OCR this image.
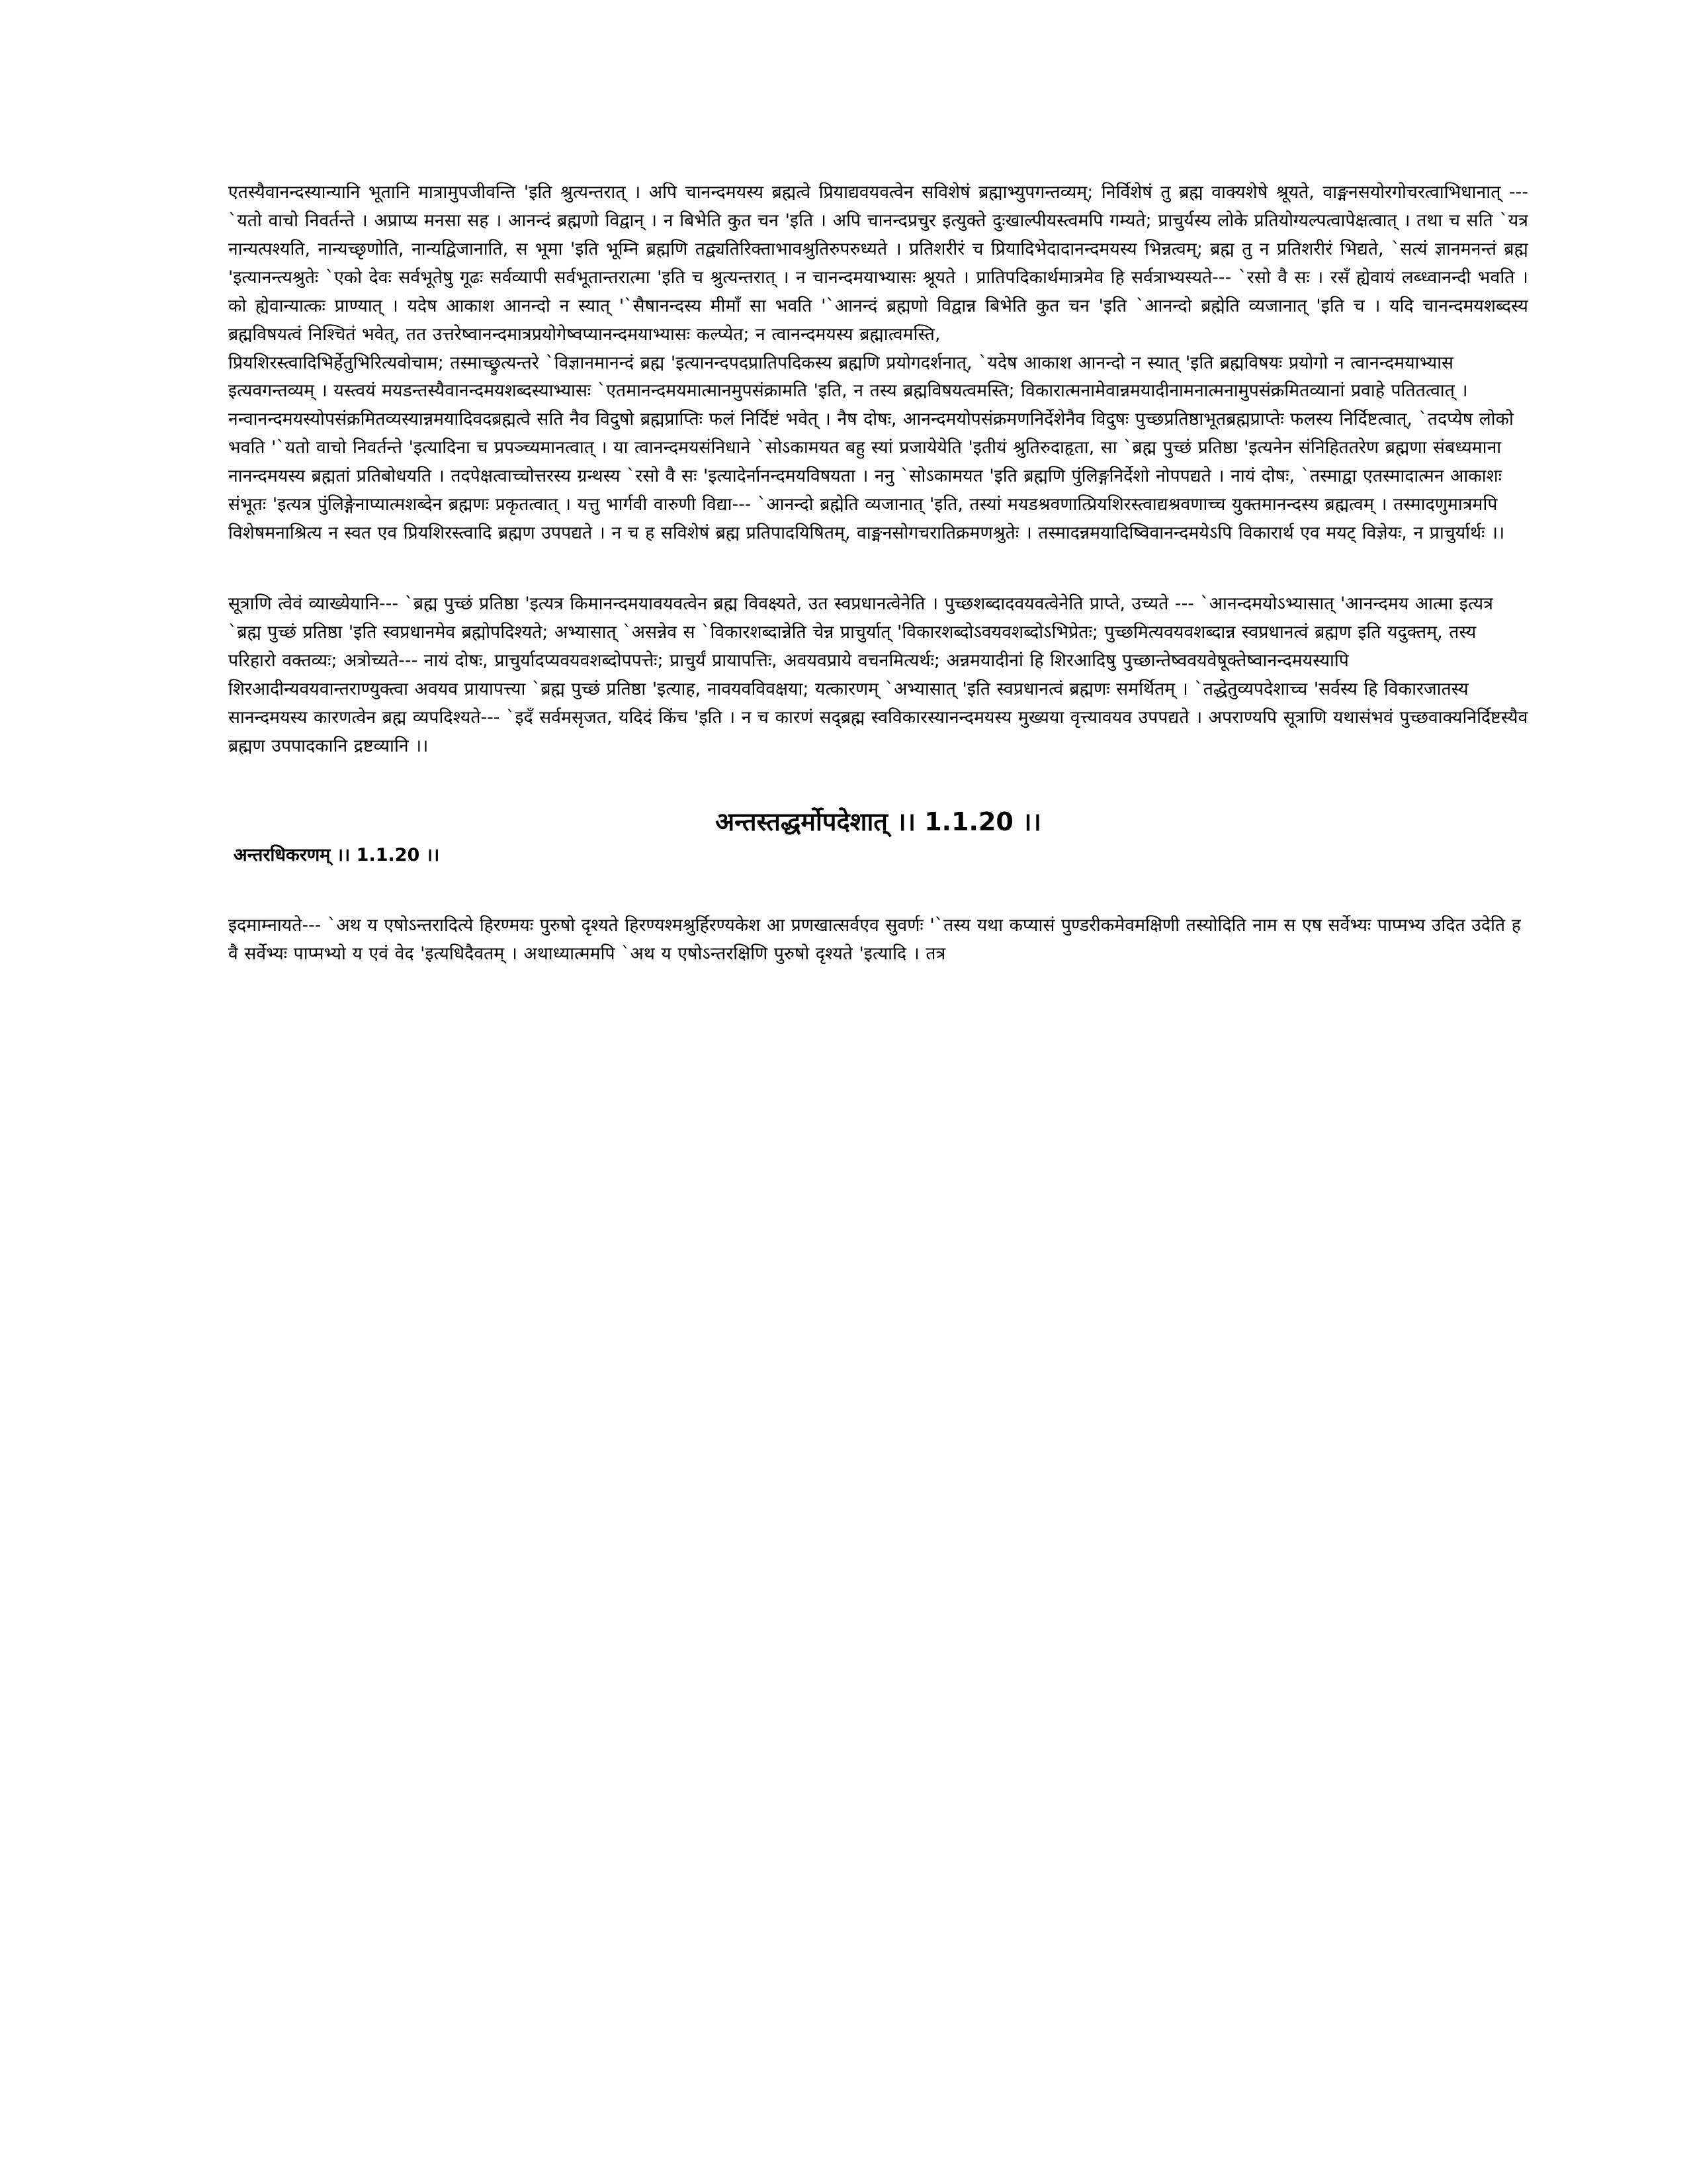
एतस्यैवानन्दस्यान्यानि भूतानि मात्रामुपजीवन्ति 'इति श्रुत्यन्तरात् । अपि चानन्दमयस्य ब्रह्मत्वे प्रियाद्यवयवत्वेन सविशेषं ब्रह्माभ्युपगन्तव्यम्; निर्विशेषं तु ब्रह्म वाक्यशेषे श्रूयते, वाङ्मनसयोरगोचरत्वाभिधानात् --- `यतो वाचो निवर्तन्ते । अप्राप्य मनसा सह । आनन्दं ब्रह्मणो विद्वान् । न बिभेति कुत चन 'इति । अपि चानन्दप्रचुर इत्युक्ते दुःखाल्पीयस्त्वमपि गम्यते; प्राचुर्यस्य लोके प्रतियोग्यल्पत्वापेक्षत्वात् । तथा च सति `यत्र नान्यत्पश्यति, नान्यच्छृणोति, नान्यद्विजानाति, स भूमा 'इति भूम्नि ब्रह्मणि तद्व्यतिरिक्ताभावश्रुतिरुपरुध्यते । प्रतिशरीरं च प्रियादिभेदादानन्दमयस्य भिन्नत्वम्; ब्रह्म तु न प्रतिशरीरं भिद्यते, `सत्यं ज्ञानमनन्तं ब्रह्म 'इत्यानन्त्यश्रुतेः `एको देवः सर्वभूतेषु गूढः सर्वव्यापी सर्वभूतान्तरात्मा 'इति च श्रुत्यन्तरात् । न चानन्दमयाभ्यासः श्रूयते । प्रातिपदिकार्थमात्रमेव हि सर्वत्राभ्यस्यते--- `रसो वै सः । रसँ ह्येवायं लब्ध्वानन्दी भवति । को ह्येवान्यात्कः प्राण्यात् । यदेष आकाश आनन्दो न स्यात् '`सैषानन्दस्य मीमाँ सा भवति '`आनन्दं ब्रह्मणो विद्वान्न बिभेति कुत चन 'इति `आनन्दो ब्रह्मेति व्यजानात् 'इति च । यदि चानन्दमयशब्दस्य ब्रह्मविषयत्वं निश्चितं भवेत्, तत उत्तरेष्वानन्दमात्रप्रयोगेष्वप्यानन्दमयाभ्यासः कल्प्येत; न त्वानन्दमयस्य ब्रह्मात्वमस्ति,
प्रियशिरस्त्वादिभिर्हेतुभिरित्यवोचाम; तस्माच्छ्रुत्यन्तरे `विज्ञानमानन्दं ब्रह्म 'इत्यानन्दपदप्रातिपदिकस्य ब्रह्मणि प्रयोगदर्शनात्, `यदेष आकाश आनन्दो न स्यात् 'इति ब्रह्मविषयः प्रयोगो न त्वानन्दमयाभ्यास इत्यवगन्तव्यम् । यस्त्वयं मयडन्तस्यैवानन्दमयशब्दस्याभ्यासः `एतमानन्दमयमात्मानमुपसंक्रामति 'इति, न तस्य ब्रह्मविषयत्वमस्ति; विकारात्मनामेवान्नमयादीनामनात्मनामुपसंक्रमितव्यानां प्रवाहे पतितत्वात् ।
नन्वानन्दमयस्योपसंक्रमितव्यस्यान्नमयादिवदब्रह्मत्वे सति नैव विदुषो ब्रह्मप्राप्तिः फलं निर्दिष्टं भवेत् । नैष दोषः, आनन्दमयोपसंक्रमणनिर्देशेनैव विदुषः पुच्छप्रतिष्ठाभूतब्रह्मप्राप्तेः फलस्य निर्दिष्टत्वात्, `तदप्येष लोको भवति '`यतो वाचो निवर्तन्ते 'इत्यादिना च प्रपञ्च्यमानत्वात् । या त्वानन्दमयसंनिधाने `सोऽकामयत बहु स्यां प्रजायेयेति 'इतीयं श्रुतिरुदाहृता, सा `ब्रह्म पुच्छं प्रतिष्ठा 'इत्यनेन संनिहिततरेण ब्रह्मणा संबध्यमाना नानन्दमयस्य ब्रह्मतां प्रतिबोधयति । तदपेक्षत्वाच्चोत्तरस्य ग्रन्थस्य `रसो वै सः 'इत्यादेर्नानन्दमयविषयता । ननु `सोऽकामयत 'इति ब्रह्मणि पुंलिङ्गनिर्देशो नोपपद्यते । नायं दोषः, `तस्माद्वा एतस्मादात्मन आकाशः संभूतः 'इत्यत्र पुंलिङ्गेनाप्यात्मशब्देन ब्रह्मणः प्रकृतत्वात् । यत्तु भार्गवी वारुणी विद्या--- `आनन्दो ब्रह्मेति व्यजानात् 'इति, तस्यां मयडश्रवणात्प्रियशिरस्त्वाद्यश्रवणाच्च युक्तमानन्दस्य ब्रह्मत्वम् । तस्मादणुमात्रमपि विशेषमनाश्रित्य न स्वत एव प्रियशिरस्त्वादि ब्रह्मण उपपद्यते । न च ह सविशेषं ब्रह्म प्रतिपादयिषितम्, वाङ्मनसोगचरातिक्रमणश्रुतेः । तस्मादन्नमयादिष्विवानन्दमयेऽपि विकारार्थ एव मयट् विज्ञेयः, न प्राचुर्यार्थः ।।
सूत्राणि त्वेवं व्याख्येयानि--- `ब्रह्म पुच्छं प्रतिष्ठा 'इत्यत्र किमानन्दमयावयवत्वेन ब्रह्म विवक्ष्यते, उत स्वप्रधानत्वेनेति । पुच्छशब्दादवयवत्वेनेति प्राप्ते, उच्यते --- `आनन्दमयोऽभ्यासात् 'आनन्दमय आत्मा इत्यत्र `ब्रह्म पुच्छं प्रतिष्ठा 'इति स्वप्रधानमेव ब्रह्मोपदिश्यते; अभ्यासात् `असन्नेव स `विकारशब्दान्नेति चेन्न प्राचुर्यात् 'विकारशब्दोऽवयवशब्दोऽभिप्रेतः; पुच्छमित्यवयवशब्दान्न स्वप्रधानत्वं ब्रह्मण इति यदुक्तम्, तस्य परिहारो वक्तव्यः; अत्रोच्यते--- नायं दोषः, प्राचुर्यादप्यवयवशब्दोपपत्तेः; प्राचुर्यं प्रायापत्तिः, अवयवप्राये वचनमित्यर्थः; अन्नमयादीनां हि शिरआदिषु पुच्छान्तेष्ववयवेषूक्तेष्वानन्दमयस्यापि शिरआदीन्यवयवान्तराण्युक्त्वा अवयव प्रायापत्त्या `ब्रह्म पुच्छं प्रतिष्ठा 'इत्याह, नावयवविवक्षया; यत्कारणम् `अभ्यासात् 'इति स्वप्रधानत्वं ब्रह्मणः समर्थितम् । `तद्धेतुव्यपदेशाच्च 'सर्वस्य हि विकारजातस्य सानन्दमयस्य कारणत्वेन ब्रह्म व्यपदिश्यते--- `इदँ सर्वमसृजत, यदिदं किंच 'इति । न च कारणं सद्ब्रह्म स्वविकारस्यानन्दमयस्य मुख्यया वृत्त्यावयव उपपद्यते । अपराण्यपि सूत्राणि यथासंभवं पुच्छवाक्यनिर्दिष्टस्यैव ब्रह्मण उपपादकानि द्रष्टव्यानि ।।
अन्तस्तद्धर्मोपदेशात् ।। 1.1.20 ।।
अन्तरधिकरणम् ।। 1.1.20 ।।
इदमाम्नायते--- `अथ य एषोऽन्तरादित्ये हिरण्मयः पुरुषो दृश्यते हिरण्यश्मश्रुर्हिरण्यकेश आ प्रणखात्सर्वएव सुवर्णः '`तस्य यथा कप्यासं पुण्डरीकमेवमक्षिणी तस्योदिति नाम स एष सर्वेभ्यः पाप्मभ्य उदित उदेति ह वै सर्वेभ्यः पाप्मभ्यो य एवं वेद 'इत्यधिदैवतम् । अथाध्यात्ममपि `अथ य एषोऽन्तरक्षिणि पुरुषो दृश्यते 'इत्यादि । तत्र
